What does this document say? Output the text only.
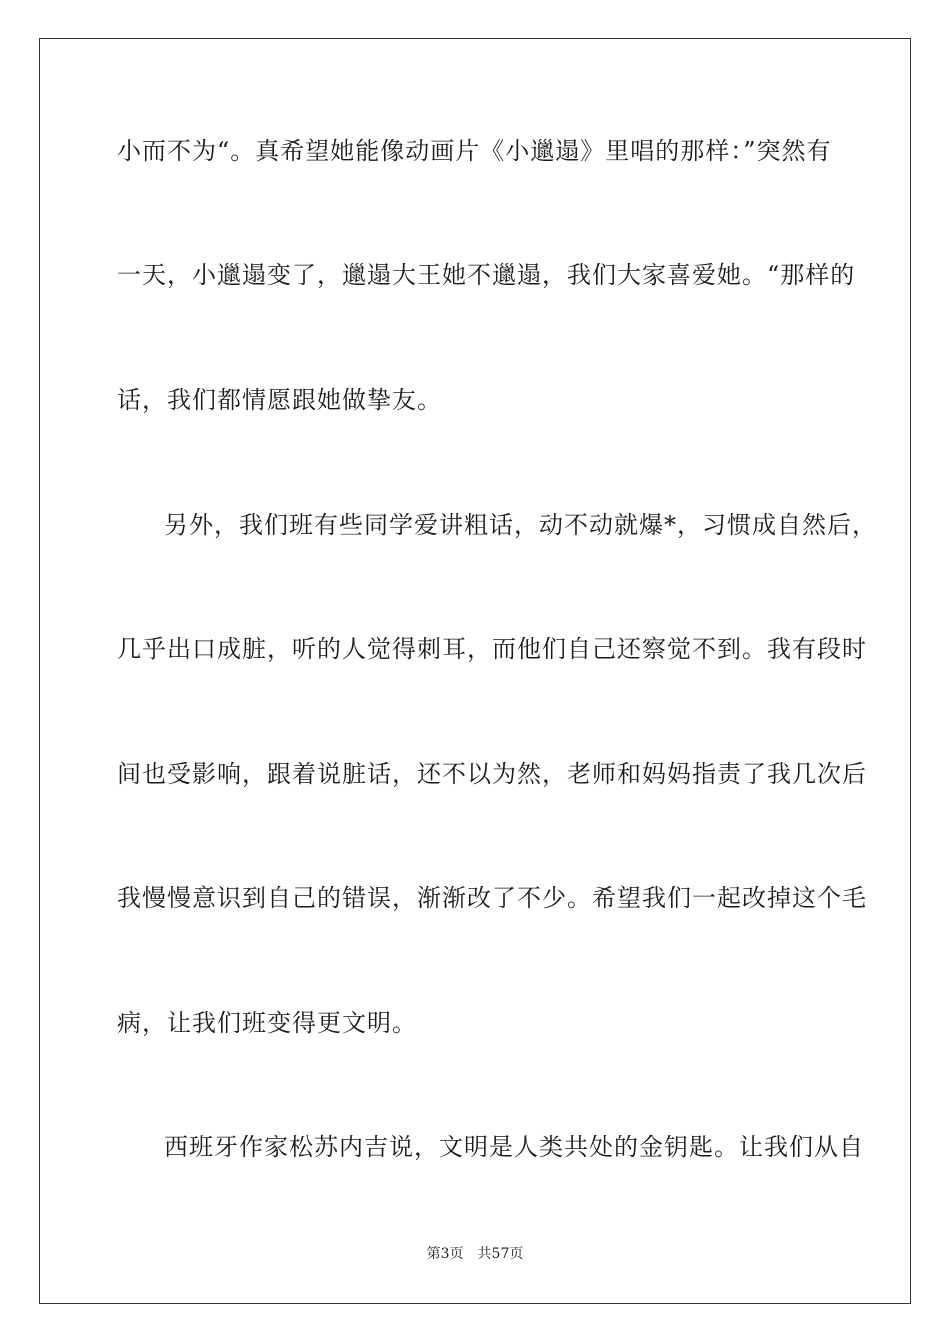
小而不为“。真希望她能像动画片《小邋遢》里唱的那样：”突然有
一天，小邋遢变了，邋遢大王她不邋遢，我们大家喜爱她。“那样的
话，我们都情愿跟她做挚友。
另外，我们班有些同学爱讲粗话，动不动就爆*，习惯成自然后，
几乎出口成脏，听的人觉得刺耳，而他们自己还察觉不到。我有段时
间也受影响，跟着说脏话，还不以为然，老师和妈妈指责了我几次后
我慢慢意识到自己的错误，渐渐改了不少。希望我们一起改掉这个毛
病，让我们班变得更文明。
西班牙作家松苏内吉说，文明是人类共处的金钥匙。让我们从自
第3页 共57页
